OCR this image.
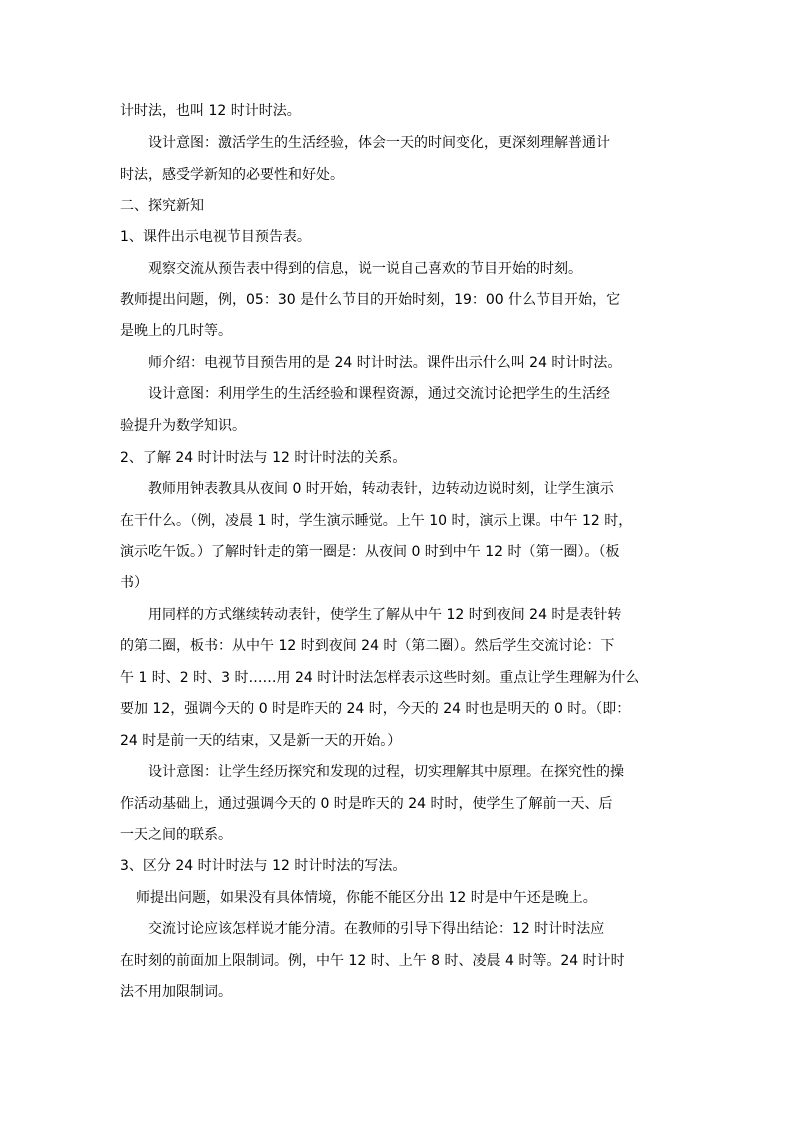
计时法，也叫 12 时计时法。
设计意图：激活学生的生活经验，体会一天的时间变化，更深刻理解普通计
时法，感受学新知的必要性和好处。
二、探究新知
1、课件出示电视节目预告表。
观察交流从预告表中得到的信息，说一说自己喜欢的节目开始的时刻。
教师提出问题，例，05：30 是什么节目的开始时刻，19：00 什么节目开始，它
是晚上的几时等。
师介绍：电视节目预告用的是 24 时计时法。课件出示什么叫 24 时计时法。
设计意图：利用学生的生活经验和课程资源，通过交流讨论把学生的生活经
验提升为数学知识。
2、了解 24 时计时法与 12 时计时法的关系。
教师用钟表教具从夜间 0 时开始，转动表针，边转动边说时刻，让学生演示
在干什么。（例，凌晨 1 时，学生演示睡觉。上午 10 时，演示上课。中午 12 时，
演示吃午饭。）了解时针走的第一圈是：从夜间 0 时到中午 12 时（第一圈）。（板
书）
用同样的方式继续转动表针，使学生了解从中午 12 时到夜间 24 时是表针转
的第二圈，板书：从中午 12 时到夜间 24 时（第二圈）。然后学生交流讨论：下
午 1 时、2 时、3 时……用 24 时计时法怎样表示这些时刻。重点让学生理解为什么
要加 12，强调今天的 0 时是昨天的 24 时，今天的 24 时也是明天的 0 时。（即：
24 时是前一天的结束，又是新一天的开始。）
设计意图：让学生经历探究和发现的过程，切实理解其中原理。在探究性的操
作活动基础上，通过强调今天的 0 时是昨天的 24 时时，使学生了解前一天、后
一天之间的联系。
3、区分 24 时计时法与 12 时计时法的写法。
师提出问题，如果没有具体情境，你能不能区分出 12 时是中午还是晚上。
交流讨论应该怎样说才能分清。在教师的引导下得出结论：12 时计时法应
在时刻的前面加上限制词。例，中午 12 时、上午 8 时、凌晨 4 时等。24 时计时
法不用加限制词。
